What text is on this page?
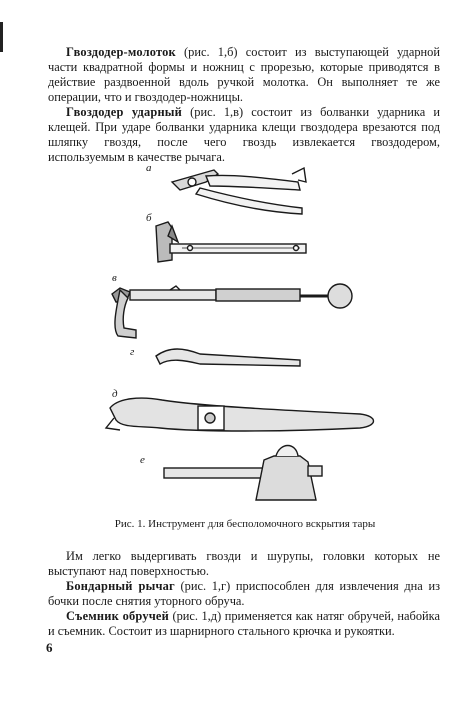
Гвоздодер-молоток (рис. 1,б) состоит из выступающей ударной части квадратной формы и ножниц с прорезью, которые приводятся в действие раздвоенной вдоль ручкой молотка. Он выполняет те же операции, что и гвоздодер-ножницы.

Гвоздодер ударный (рис. 1,в) состоит из болванки ударника и клещей. При ударе болванки ударника клещи гвоздодера врезаются под шляпку гвоздя, после чего гвоздь извлекается гвоздодером, используемым в качестве рычага.

а
б
в
г
д
е
Рис. 1. Инструмент для бесполомочного вскрытия тары

Им легко выдергивать гвозди и шурупы, головки которых не выступают над поверхностью.

Бондарный рычаг (рис. 1,г) приспособлен для извлечения дна из бочки после снятия уторного обруча.

Съемник обручей (рис. 1,д) применяется как натяг обручей, набойка и съемник. Состоит из шарнирного стального крючка и рукоятки.

6
